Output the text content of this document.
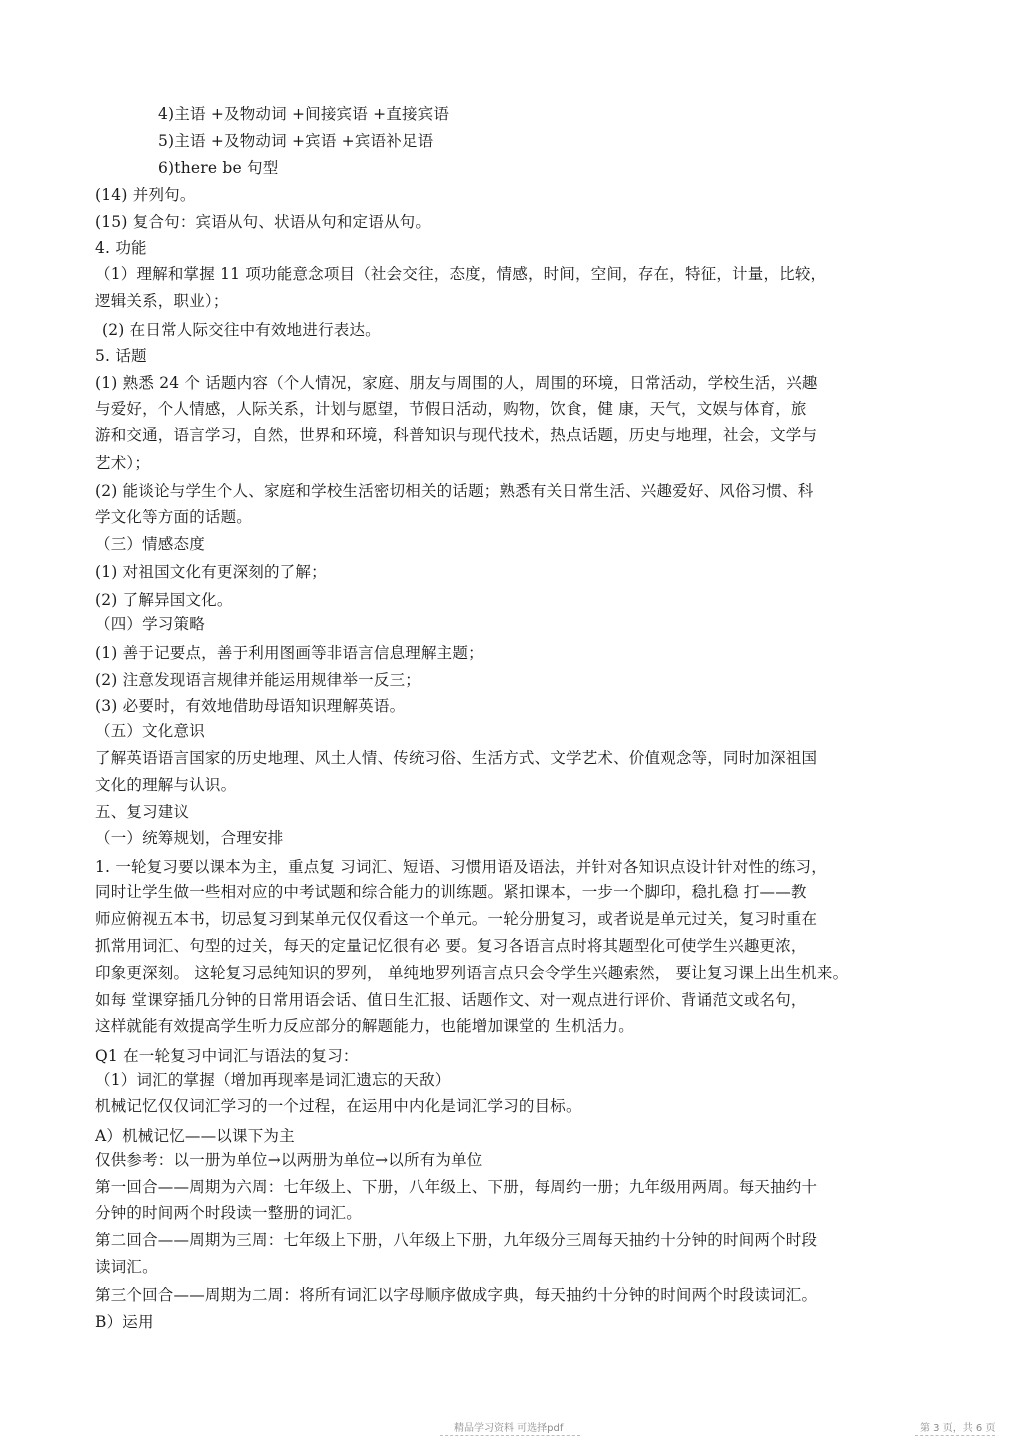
4)主语 +及物动词 +间接宾语 +直接宾语
5)主语 +及物动词 +宾语 +宾语补足语
6)there be 句型
(14) 并列句。
(15) 复合句：宾语从句、状语从句和定语从句。
4. 功能
（1）理解和掌握 11 项功能意念项目（社会交往，态度，情感，时间，空间，存在，特征，计量，比较，
逻辑关系，职业）；
(2) 在日常人际交往中有效地进行表达。
5. 话题
(1) 熟悉 24 个 话题内容（个人情况，家庭、朋友与周围的人，周围的环境，日常活动，学校生活，兴趣
与爱好，个人情感，人际关系，计划与愿望，节假日活动，购物，饮食，健 康，天气，文娱与体育，旅
游和交通，语言学习，自然，世界和环境，科普知识与现代技术，热点话题，历史与地理，社会，文学与
艺术）；
(2) 能谈论与学生个人、家庭和学校生活密切相关的话题；熟悉有关日常生活、兴趣爱好、风俗习惯、科
学文化等方面的话题。
（三）情感态度
(1) 对祖国文化有更深刻的了解；
(2) 了解异国文化。
（四）学习策略
(1) 善于记要点，善于利用图画等非语言信息理解主题；
(2) 注意发现语言规律并能运用规律举一反三；
(3) 必要时，有效地借助母语知识理解英语。
（五）文化意识
了解英语语言国家的历史地理、风土人情、传统习俗、生活方式、文学艺术、价值观念等，同时加深祖国
文化的理解与认识。
五、复习建议
（一）统筹规划，合理安排
1. 一轮复习要以课本为主，重点复 习词汇、短语、习惯用语及语法，并针对各知识点设计针对性的练习，
同时让学生做一些相对应的中考试题和综合能力的训练题。紧扣课本，一步一个脚印，稳扎稳 打——教
师应俯视五本书，切忌复习到某单元仅仅看这一个单元。一轮分册复习，或者说是单元过关，复习时重在
抓常用词汇、句型的过关，每天的定量记忆很有必 要。复习各语言点时将其题型化可使学生兴趣更浓，
印象更深刻。 这轮复习忌纯知识的罗列， 单纯地罗列语言点只会令学生兴趣索然， 要让复习课上出生机来。
如每 堂课穿插几分钟的日常用语会话、值日生汇报、话题作文、对一观点进行评价、背诵范文或名句，
这样就能有效提高学生听力反应部分的解题能力，也能增加课堂的 生机活力。
Q1 在一轮复习中词汇与语法的复习：
（1）词汇的掌握（增加再现率是词汇遗忘的天敌）
机械记忆仅仅词汇学习的一个过程，在运用中内化是词汇学习的目标。
A）机械记忆——以课下为主
仅供参考：以一册为单位→以两册为单位→以所有为单位
第一回合——周期为六周：七年级上、下册，八年级上、下册，每周约一册；九年级用两周。每天抽约十
分钟的时间两个时段读一整册的词汇。
第二回合——周期为三周：七年级上下册，八年级上下册，九年级分三周每天抽约十分钟的时间两个时段
读词汇。
第三个回合——周期为二周：将所有词汇以字母顺序做成字典，每天抽约十分钟的时间两个时段读词汇。
B）运用
精品学习资料 可选择pdf	第 3 页，共 6 页
